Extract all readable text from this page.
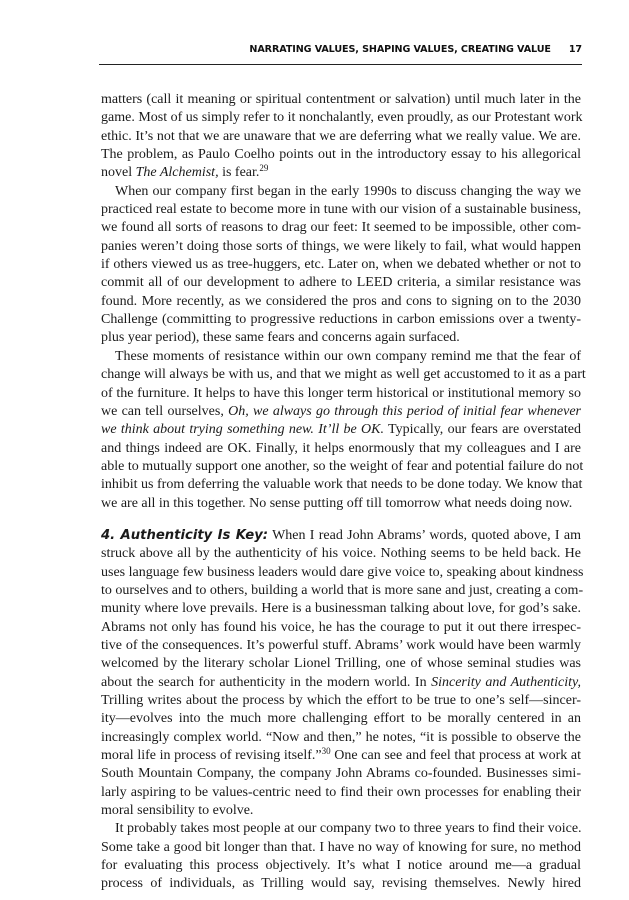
NARRATING VALUES, SHAPING VALUES, CREATING VALUE 17
matters (call it meaning or spiritual contentment or salvation) until much later in the
game. Most of us simply refer to it nonchalantly, even proudly, as our Protestant work
ethic. It’s not that we are unaware that we are deferring what we really value. We are.
The problem, as Paulo Coelho points out in the introductory essay to his allegorical
novel The Alchemist, is fear.$^{29}$
When our company first began in the early 1990s to discuss changing the way we
practiced real estate to become more in tune with our vision of a sustainable business,
we found all sorts of reasons to drag our feet: It seemed to be impossible, other com-
panies weren’t doing those sorts of things, we were likely to fail, what would happen
if others viewed us as tree-huggers, etc. Later on, when we debated whether or not to
commit all of our development to adhere to LEED criteria, a similar resistance was
found. More recently, as we considered the pros and cons to signing on to the 2030
Challenge (committing to progressive reductions in carbon emissions over a twenty-
plus year period), these same fears and concerns again surfaced.
These moments of resistance within our own company remind me that the fear of
change will always be with us, and that we might as well get accustomed to it as a part
of the furniture. It helps to have this longer term historical or institutional memory so
we can tell ourselves, Oh, we always go through this period of initial fear whenever
we think about trying something new. It’ll be OK. Typically, our fears are overstated
and things indeed are OK. Finally, it helps enormously that my colleagues and I are
able to mutually support one another, so the weight of fear and potential failure do not
inhibit us from deferring the valuable work that needs to be done today. We know that
we are all in this together. No sense putting off till tomorrow what needs doing now.
4. Authenticity Is Key: When I read John Abrams’ words, quoted above, I am
struck above all by the authenticity of his voice. Nothing seems to be held back. He
uses language few business leaders would dare give voice to, speaking about kindness
to ourselves and to others, building a world that is more sane and just, creating a com-
munity where love prevails. Here is a businessman talking about love, for god’s sake.
Abrams not only has found his voice, he has the courage to put it out there irrespec-
tive of the consequences. It’s powerful stuff. Abrams’ work would have been warmly
welcomed by the literary scholar Lionel Trilling, one of whose seminal studies was
about the search for authenticity in the modern world. In Sincerity and Authenticity,
Trilling writes about the process by which the effort to be true to one’s self—sincer-
ity—evolves into the much more challenging effort to be morally centered in an
increasingly complex world. “Now and then,” he notes, “it is possible to observe the
moral life in process of revising itself.”$^{30}$ One can see and feel that process at work at
South Mountain Company, the company John Abrams co-founded. Businesses simi-
larly aspiring to be values-centric need to find their own processes for enabling their
moral sensibility to evolve.
It probably takes most people at our company two to three years to find their voice.
Some take a good bit longer than that. I have no way of knowing for sure, no method
for evaluating this process objectively. It’s what I notice around me—a gradual
process of individuals, as Trilling would say, revising themselves. Newly hired
